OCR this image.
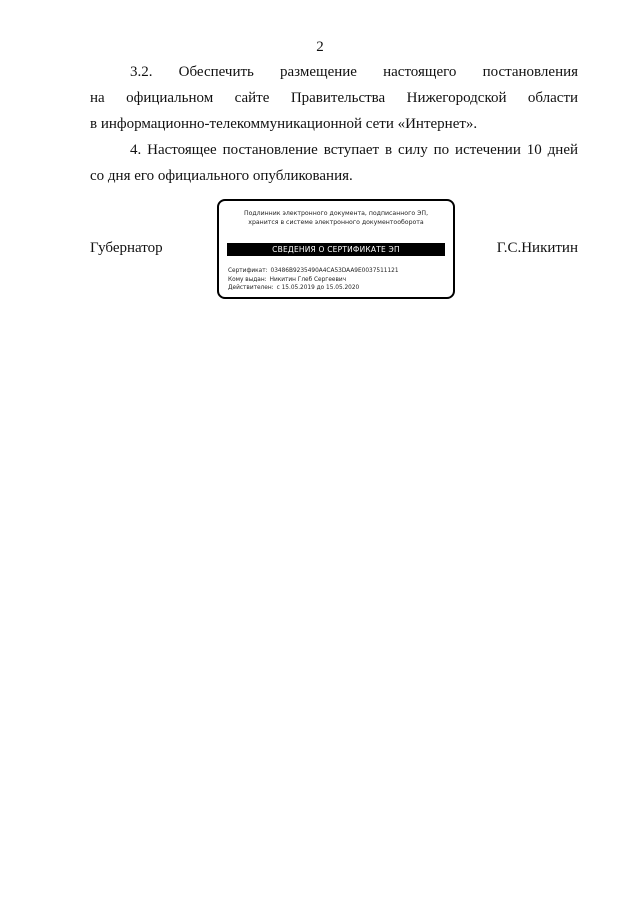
2
3.2. Обеспечить размещение настоящего постановления
на официальном сайте Правительства Нижегородской области
в информационно-телекоммуникационной сети «Интернет».
4. Настоящее постановление вступает в силу по истечении 10 дней
со дня его официального опубликования.
Губернатор
Подлинник электронного документа, подписанного ЭП,
хранится в системе электронного документооборота
СВЕДЕНИЯ О СЕРТИФИКАТЕ ЭП
Сертификат: 03486B9235490A4CA53DAA9E0037511121
Кому выдан: Никитин Глеб Сергеевич
Действителен: с 15.05.2019 до 15.05.2020
Г.С.Никитин
